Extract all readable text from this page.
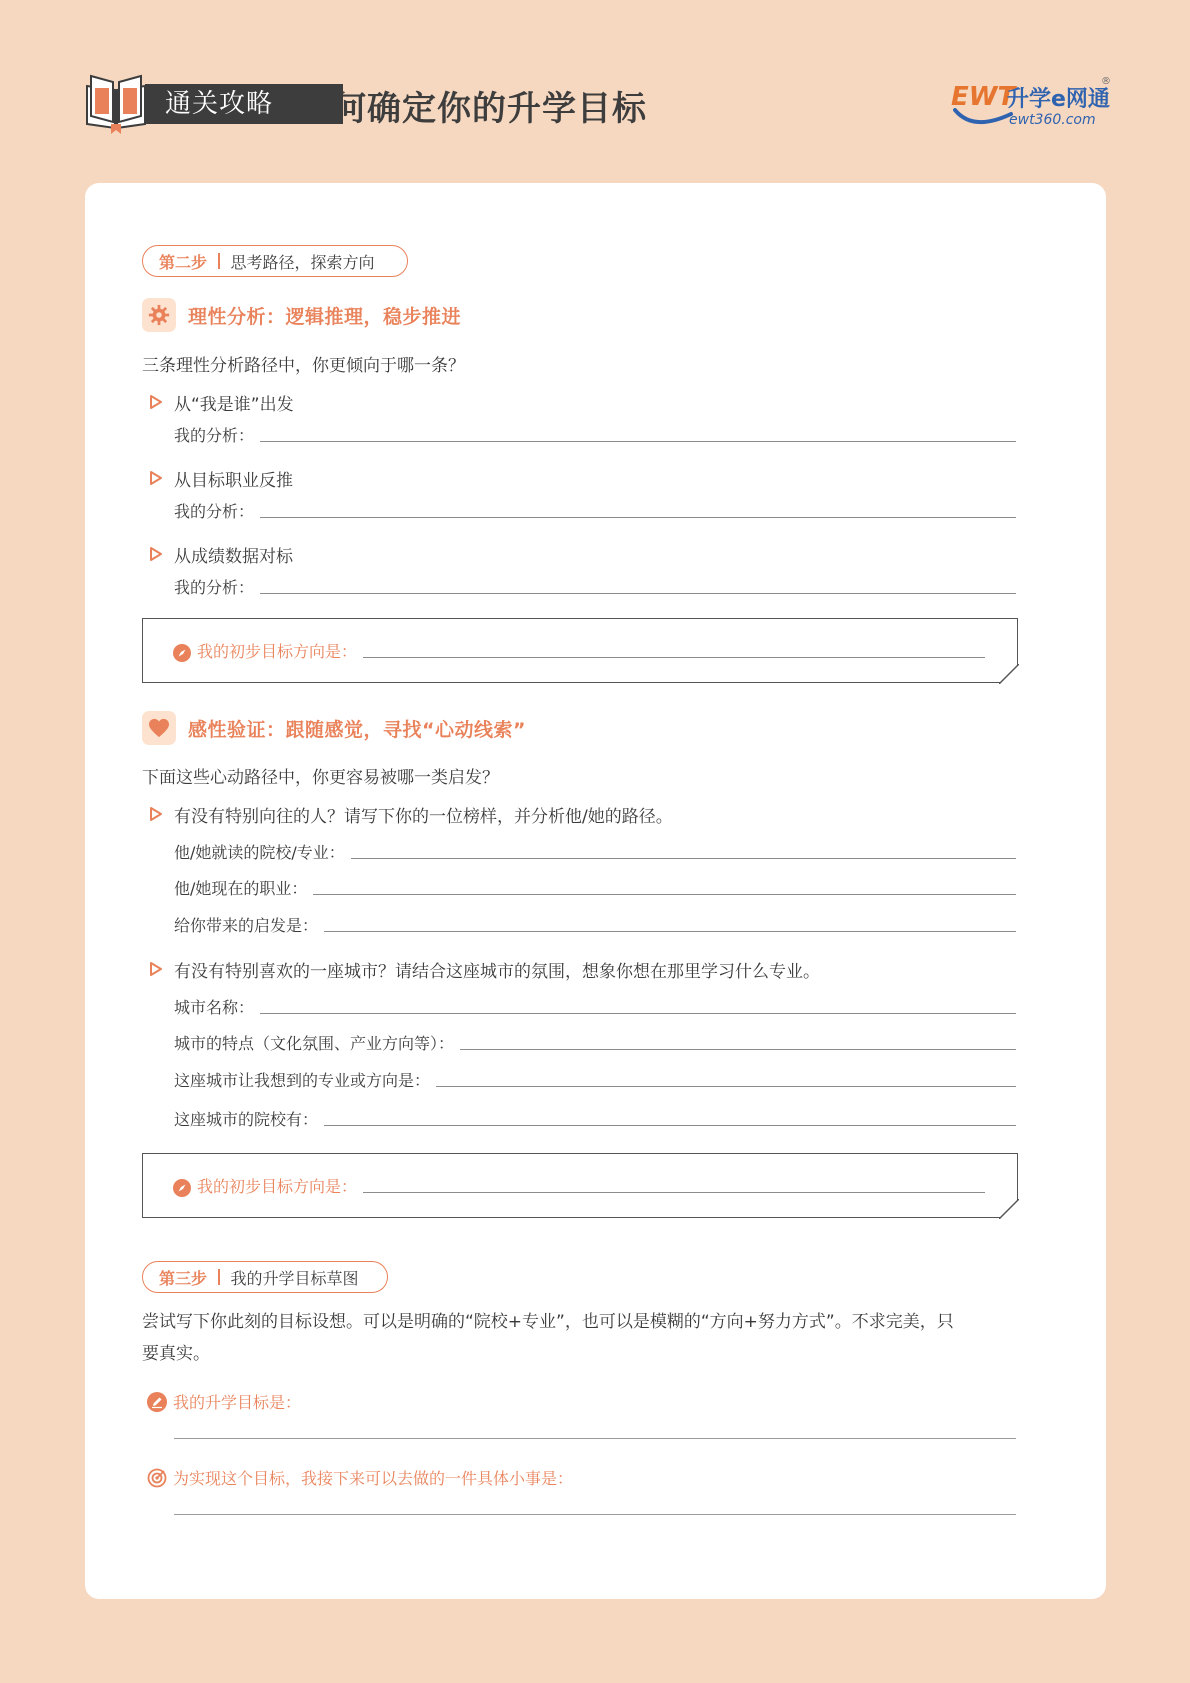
通关攻略 如何确定你的升学目标	EWT
升学e网通
ewt360.com
®
第二步 思考路径，探索方向
理性分析：逻辑推理，稳步推进
三条理性分析路径中，你更倾向于哪一条？
从“我是谁”出发
我的分析：
从目标职业反推
我的分析：
从成绩数据对标
我的分析：
我的初步目标方向是：
感性验证：跟随感觉，寻找“心动线索”
下面这些心动路径中，你更容易被哪一类启发？
有没有特别向往的人？请写下你的一位榜样，并分析他/她的路径。
他/她就读的院校/专业：
他/她现在的职业：
给你带来的启发是：
有没有特别喜欢的一座城市？请结合这座城市的氛围，想象你想在那里学习什么专业。
城市名称：
城市的特点（文化氛围、产业方向等）：
这座城市让我想到的专业或方向是：
这座城市的院校有：
我的初步目标方向是：
第三步 我的升学目标草图
尝试写下你此刻的目标设想。可以是明确的“院校+专业”，也可以是模糊的“方向+努力方式”。不求完美，只
要真实。
我的升学目标是：
为实现这个目标，我接下来可以去做的一件具体小事是：
